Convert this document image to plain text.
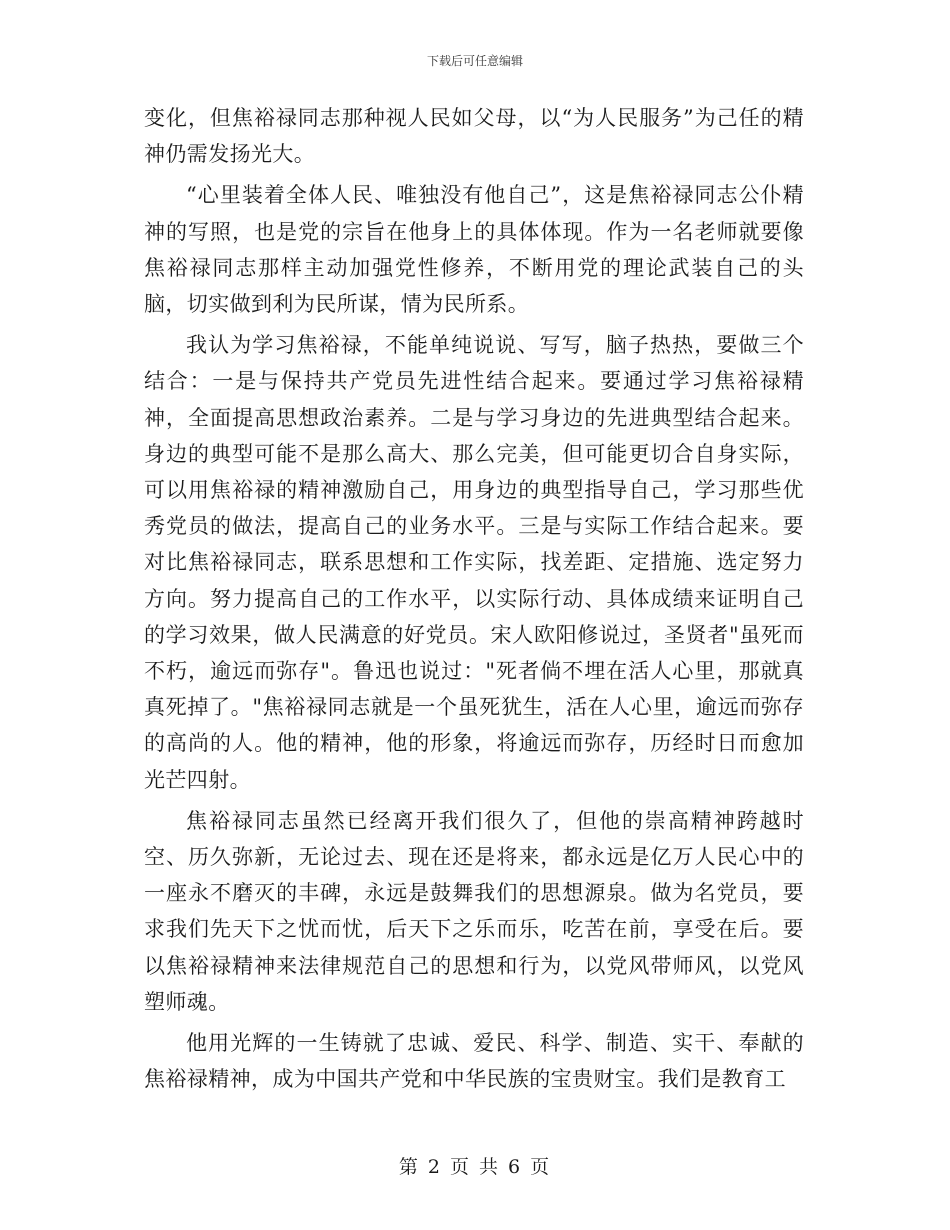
下载后可任意编辑

变化，但焦裕禄同志那种视人民如父母，以“为人民服务”为己任的精神仍需发扬光大。

“心里装着全体人民、唯独没有他自己”，这是焦裕禄同志公仆精神的写照，也是党的宗旨在他身上的具体体现。作为一名老师就要像焦裕禄同志那样主动加强党性修养，不断用党的理论武装自己的头脑，切实做到利为民所谋，情为民所系。

我认为学习焦裕禄，不能单纯说说、写写，脑子热热，要做三个结合：一是与保持共产党员先进性结合起来。要通过学习焦裕禄精神，全面提高思想政治素养。二是与学习身边的先进典型结合起来。身边的典型可能不是那么高大、那么完美，但可能更切合自身实际，可以用焦裕禄的精神激励自己，用身边的典型指导自己，学习那些优秀党员的做法，提高自己的业务水平。三是与实际工作结合起来。要对比焦裕禄同志，联系思想和工作实际，找差距、定措施、选定努力方向。努力提高自己的工作水平，以实际行动、具体成绩来证明自己的学习效果，做人民满意的好党员。宋人欧阳修说过，圣贤者"虽死而不朽，逾远而弥存"。鲁迅也说过："死者倘不埋在活人心里，那就真真死掉了。"焦裕禄同志就是一个虽死犹生，活在人心里，逾远而弥存的高尚的人。他的精神，他的形象，将逾远而弥存，历经时日而愈加光芒四射。

焦裕禄同志虽然已经离开我们很久了，但他的崇高精神跨越时空、历久弥新，无论过去、现在还是将来，都永远是亿万人民心中的一座永不磨灭的丰碑，永远是鼓舞我们的思想源泉。做为名党员，要求我们先天下之忧而忧，后天下之乐而乐，吃苦在前，享受在后。要以焦裕禄精神来法律规范自己的思想和行为，以党风带师风，以党风塑师魂。

他用光辉的一生铸就了忠诚、爱民、科学、制造、实干、奉献的焦裕禄精神，成为中国共产党和中华民族的宝贵财宝。我们是教育工

第 2 页 共 6 页
